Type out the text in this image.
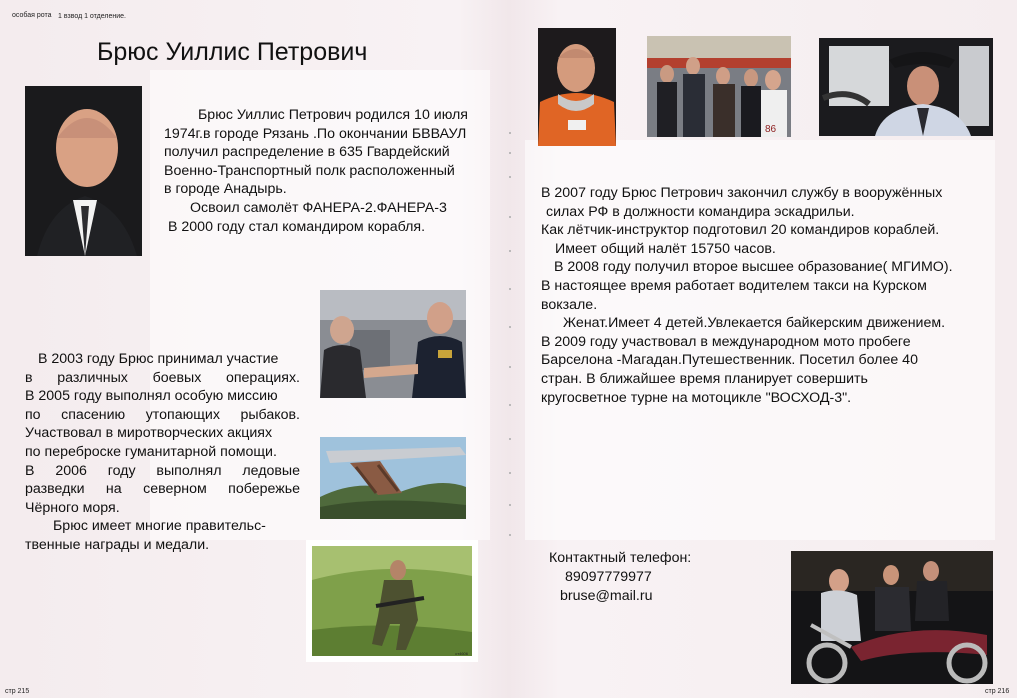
особая рота 1 взвод 1 отделение.
Брюс Уиллис Петрович

Брюс Уиллис Петрович родился 10 июля

1974г.в городе Рязань .По окончании БВВАУЛ

получил распределение в 635 Гвардейский

Военно-Транспортный полк расположенный

в городе Анадырь.

Освоил самолёт ФАНЕРА-2.ФАНЕРА-3

В 2000 году стал командиром корабля.

В 2003 году Брюс принимал участие

в различных боевых операциях.

В 2005 году выполнял особую миссию

по спасению утопающих рыбаков.

Участвовал в миротворческих акциях

по переброске гуманитарной помощи.

В 2006 году выполнял ледовые

разведки на северном побережье

Чёрного моря.

Брюс имеет многие правительс-

твенные награды и медали.

ст4606
86

В 2007 году Брюс Петрович закончил службу в вооружённых

силах РФ в должности командира эскадрильи.

Как лётчик-инструктор подготовил 20 командиров кораблей.

Имеет общий налёт 15750 часов.

В 2008 году получил второе высшее образование( МГИМО).

В настоящее время работает водителем такси на Курском

вокзале.

Женат.Имеет 4 детей.Увлекается байкерским движением.

В 2009 году участвовал в международном мото пробеге

Барселона -Магадан.Путешественник. Посетил более 40

стран. В ближайшее время планирует совершить

кругосветное турне на мотоцикле "ВОСХОД-3".

Контактный телефон:
89097779977
bruse@mail.ru
стр 215	стр 216
